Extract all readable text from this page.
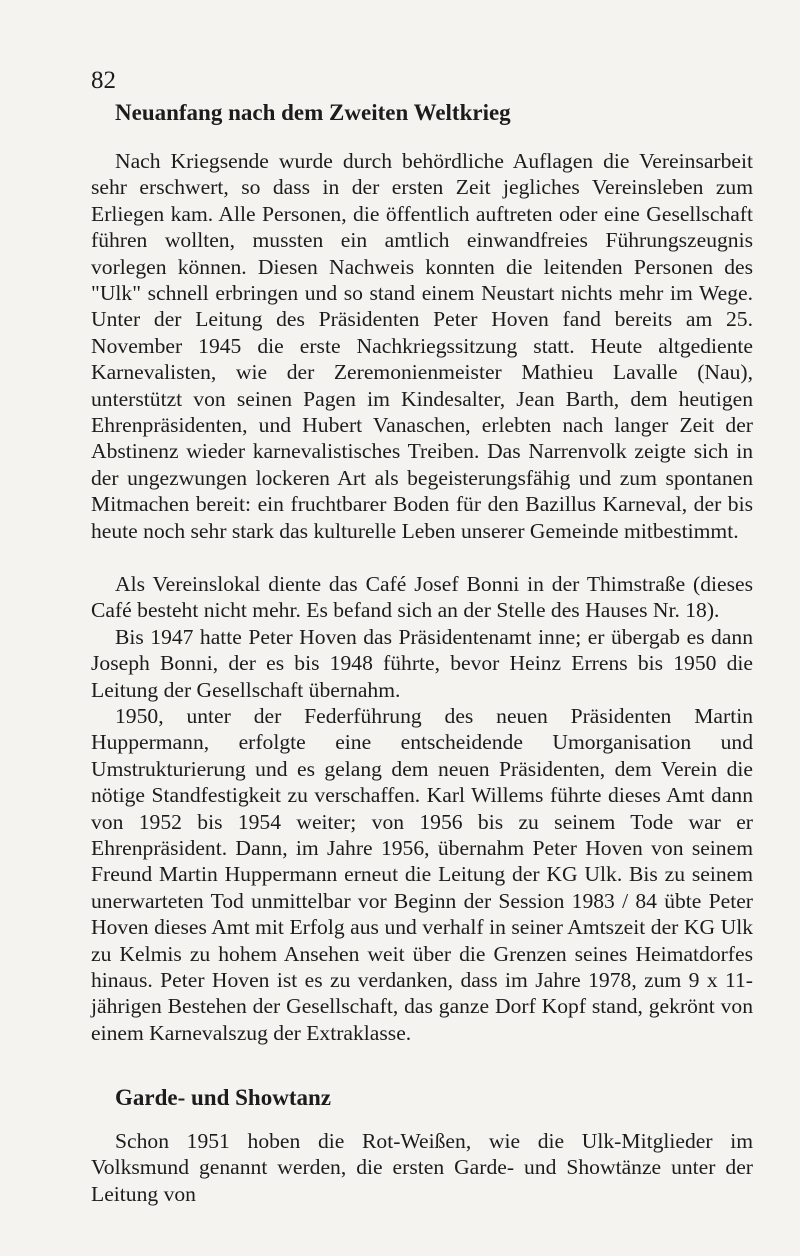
82
Neuanfang nach dem Zweiten Weltkrieg

Nach Kriegsende wurde durch behördliche Auflagen die Vereinsarbeit sehr erschwert, so dass in der ersten Zeit jegliches Vereinsleben zum Erliegen kam. Alle Personen, die öffentlich auftreten oder eine Gesellschaft führen wollten, mussten ein amtlich einwandfreies Führungszeugnis vorlegen können. Diesen Nachweis konnten die leitenden Personen des "Ulk" schnell erbringen und so stand einem Neustart nichts mehr im Wege. Unter der Leitung des Präsidenten Peter Hoven fand bereits am 25. November 1945 die erste Nachkriegssitzung statt. Heute altgediente Karnevalisten, wie der Zeremonienmeister Mathieu Lavalle (Nau), unterstützt von seinen Pagen im Kindesalter, Jean Barth, dem heutigen Ehrenpräsidenten, und Hubert Vanaschen, erlebten nach langer Zeit der Abstinenz wieder karnevalistisches Treiben. Das Narrenvolk zeigte sich in der ungezwungen lockeren Art als begeisterungsfähig und zum spontanen Mitmachen bereit: ein fruchtbarer Boden für den Bazillus Karneval, der bis heute noch sehr stark das kulturelle Leben unserer Gemeinde mitbestimmt.

Als Vereinslokal diente das Café Josef Bonni in der Thimstraße (dieses Café besteht nicht mehr. Es befand sich an der Stelle des Hauses Nr. 18).

Bis 1947 hatte Peter Hoven das Präsidentenamt inne; er übergab es dann Joseph Bonni, der es bis 1948 führte, bevor Heinz Errens bis 1950 die Leitung der Gesellschaft übernahm.

1950, unter der Federführung des neuen Präsidenten Martin Huppermann, erfolgte eine entscheidende Umorganisation und Umstrukturierung und es gelang dem neuen Präsidenten, dem Verein die nötige Standfestigkeit zu verschaffen. Karl Willems führte dieses Amt dann von 1952 bis 1954 weiter; von 1956 bis zu seinem Tode war er Ehrenpräsident. Dann, im Jahre 1956, übernahm Peter Hoven von seinem Freund Martin Huppermann erneut die Leitung der KG Ulk. Bis zu seinem unerwarteten Tod unmittelbar vor Beginn der Session 1983 / 84 übte Peter Hoven dieses Amt mit Erfolg aus und verhalf in seiner Amtszeit der KG Ulk zu Kelmis zu hohem Ansehen weit über die Grenzen seines Heimatdorfes hinaus. Peter Hoven ist es zu verdanken, dass im Jahre 1978, zum 9 x 11-jährigen Bestehen der Gesellschaft, das ganze Dorf Kopf stand, gekrönt von einem Karnevalszug der Extraklasse.

Garde- und Showtanz

Schon 1951 hoben die Rot-Weißen, wie die Ulk-Mitglieder im Volksmund genannt werden, die ersten Garde- und Showtänze unter der Leitung von
